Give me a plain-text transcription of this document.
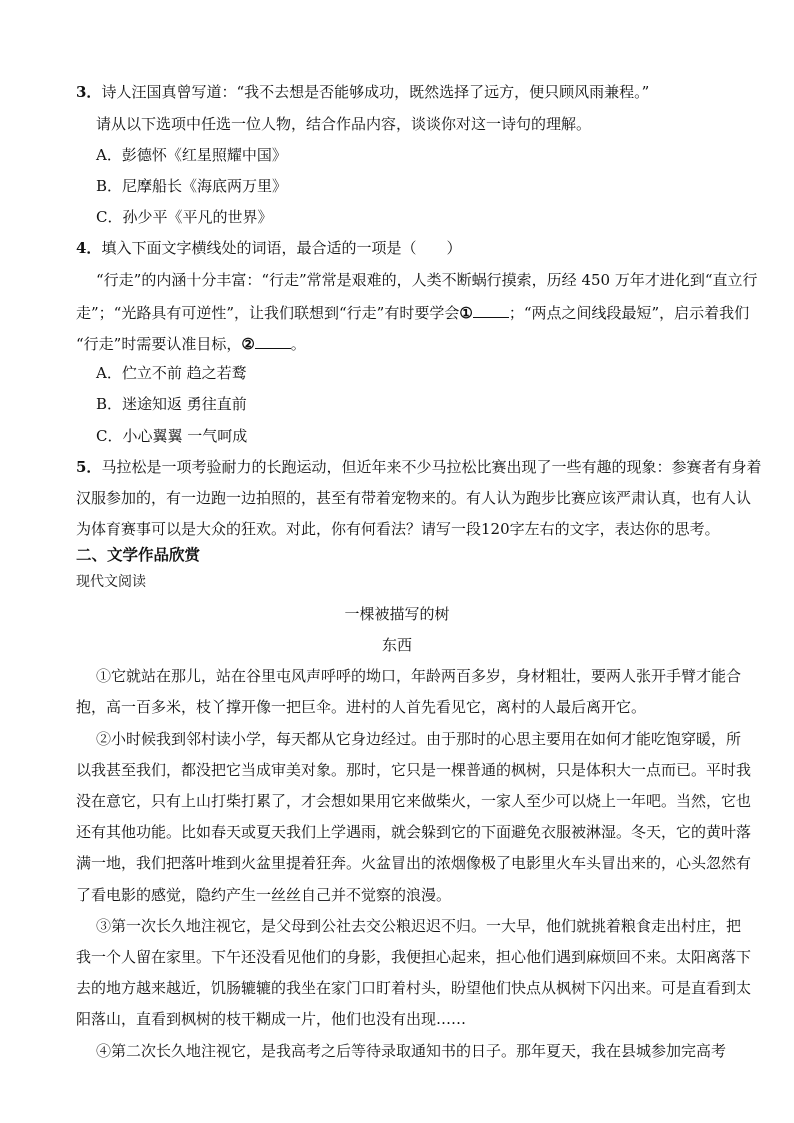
3．诗人汪国真曾写道：“我不去想是否能够成功，既然选择了远方，便只顾风雨兼程。”
请从以下选项中任选一位人物，结合作品内容，谈谈你对这一诗句的理解。
A．彭德怀《红星照耀中国》
B．尼摩船长《海底两万里》
C．孙少平《平凡的世界》
4．填入下面文字横线处的词语，最合适的一项是（　　）
“行走”的内涵十分丰富：“行走”常常是艰难的，人类不断蜗行摸索，历经 450 万年才进化到“直立行
走”；“光路具有可逆性”，让我们联想到“行走”有时要学会① ；“两点之间线段最短”，启示着我们
“行走”时需要认准目标，② 。
A．伫立不前 趋之若鹜
B．迷途知返 勇往直前
C．小心翼翼 一气呵成
5．马拉松是一项考验耐力的长跑运动，但近年来不少马拉松比赛出现了一些有趣的现象：参赛者有身着
汉服参加的，有一边跑一边拍照的，甚至有带着宠物来的。有人认为跑步比赛应该严肃认真，也有人认
为体育赛事可以是大众的狂欢。对此，你有何看法？请写一段120字左右的文字，表达你的思考。
二、文学作品欣赏
现代文阅读
一棵被描写的树
东西
①它就站在那儿，站在谷里屯风声呼呼的坳口，年龄两百多岁，身材粗壮，要两人张开手臂才能合
抱，高一百多米，枝丫撑开像一把巨伞。进村的人首先看见它，离村的人最后离开它。
②小时候我到邻村读小学，每天都从它身边经过。由于那时的心思主要用在如何才能吃饱穿暖，所
以我甚至我们，都没把它当成审美对象。那时，它只是一棵普通的枫树，只是体积大一点而已。平时我
没在意它，只有上山打柴打累了，才会想如果用它来做柴火，一家人至少可以烧上一年吧。当然，它也
还有其他功能。比如春天或夏天我们上学遇雨，就会躲到它的下面避免衣服被淋湿。冬天，它的黄叶落
满一地，我们把落叶堆到火盆里提着狂奔。火盆冒出的浓烟像极了电影里火车头冒出来的，心头忽然有
了看电影的感觉，隐约产生一丝丝自己并不觉察的浪漫。
③第一次长久地注视它，是父母到公社去交公粮迟迟不归。一大早，他们就挑着粮食走出村庄，把
我一个人留在家里。下午还没看见他们的身影，我便担心起来，担心他们遇到麻烦回不来。太阳离落下
去的地方越来越近，饥肠辘辘的我坐在家门口盯着村头，盼望他们快点从枫树下闪出来。可是直看到太
阳落山，直看到枫树的枝干糊成一片，他们也没有出现……
④第二次长久地注视它，是我高考之后等待录取通知书的日子。那年夏天，我在县城参加完高考
